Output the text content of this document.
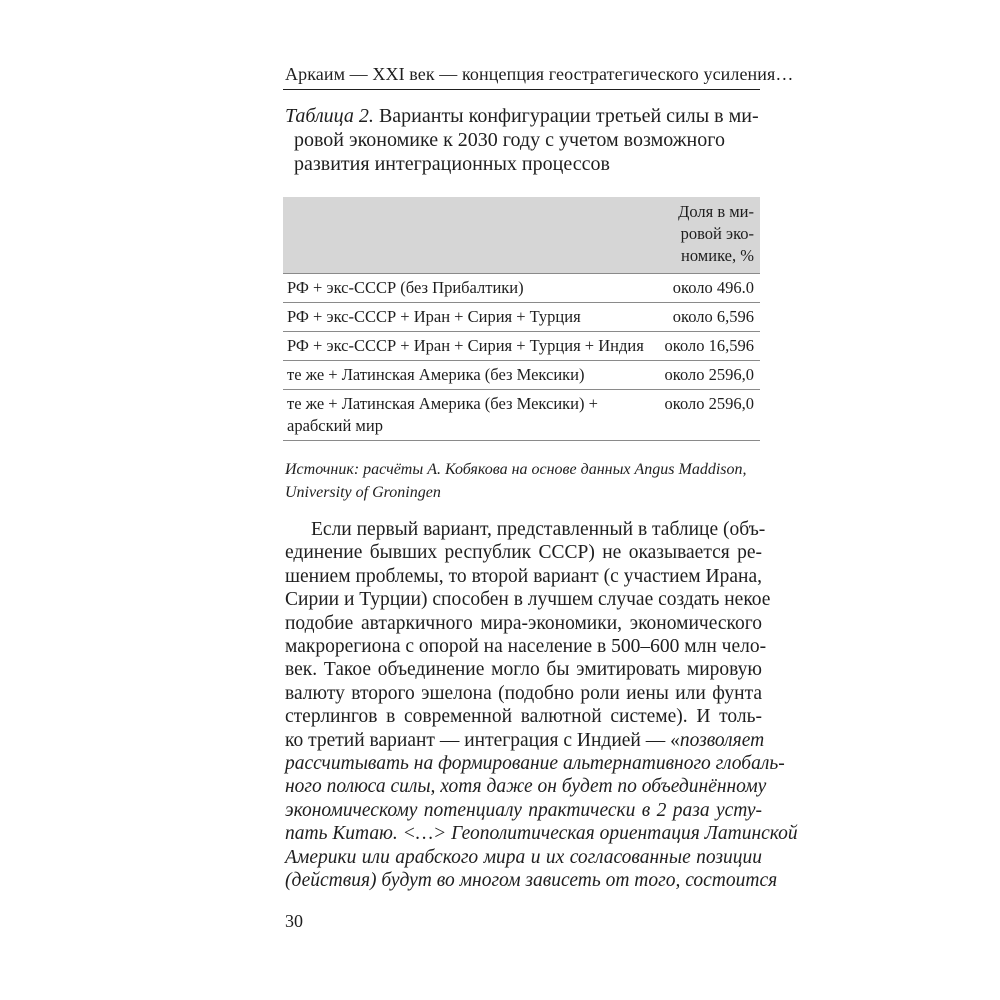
Аркаим — XXI век — концепция геостратегического усиления…
Таблица 2. Варианты конфигурации третьей силы в ми-
ровой экономике к 2030 году с учетом возможного
развития интеграционных процессов

	Доля в ми-
ровой эко-
номике, %

РФ + экс-СССР (без Прибалтики)	около 496.0
РФ + экс-СССР + Иран + Сирия + Турция	около 6,596
РФ + экс-СССР + Иран + Сирия + Турция + Индия	около 16,596
те же + Латинская Америка (без Мексики)	около 2596,0

те же + Латинская Америка (без Мексики) +
арабский мир	около 2596,0
Источник: расчёты А. Кобякова на основе данных Angus Maddison,
University of Groningen
Если первый вариант, представленный в таблице (объ-
единение бывших республик СССР) не оказывается ре-
шением проблемы, то второй вариант (с участием Ирана,
Сирии и Турции) способен в лучшем случае создать некое
подобие автаркичного мира-экономики, экономического
макрорегиона с опорой на население в 500–600 млн чело-
век. Такое объединение могло бы эмитировать мировую
валюту второго эшелона (подобно роли иены или фунта
стерлингов в современной валютной системе). И толь-
ко третий вариант — интеграция с Индией — «позволяет
рассчитывать на формирование альтернативного глобаль-
ного полюса силы, хотя даже он будет по объединённому
экономическому потенциалу практически в 2 раза усту-
пать Китаю. <…> Геополитическая ориентация Латинской
Америки или арабского мира и их согласованные позиции
(действия) будут во многом зависеть от того, состоится
30
